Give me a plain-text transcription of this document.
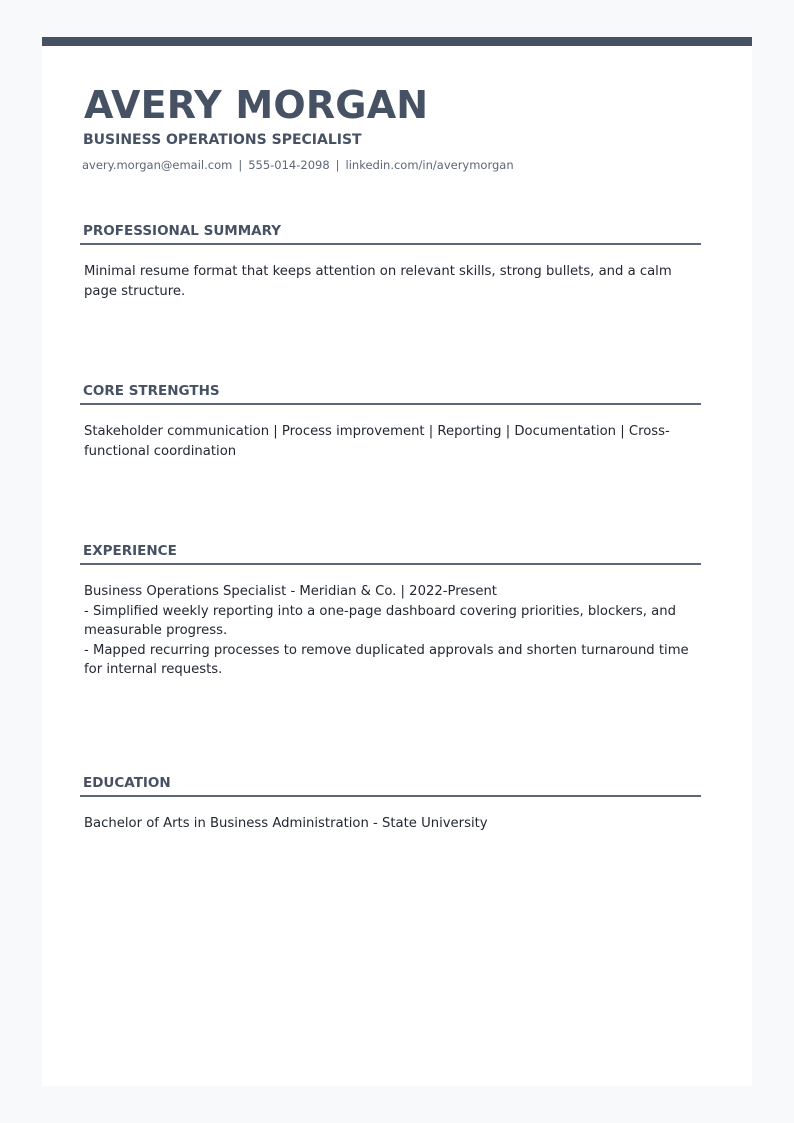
AVERY MORGAN
BUSINESS OPERATIONS SPECIALIST
avery.morgan@email.com | 555-014-2098 | linkedin.com/in/averymorgan
PROFESSIONAL SUMMARY
Minimal resume format that keeps attention on relevant skills, strong bullets, and a calm
page structure.
CORE STRENGTHS
Stakeholder communication | Process improvement | Reporting | Documentation | Cross-
functional coordination
EXPERIENCE
Business Operations Specialist - Meridian & Co. | 2022-Present
- Simplified weekly reporting into a one-page dashboard covering priorities, blockers, and
measurable progress.
- Mapped recurring processes to remove duplicated approvals and shorten turnaround time
for internal requests.
EDUCATION
Bachelor of Arts in Business Administration - State University
